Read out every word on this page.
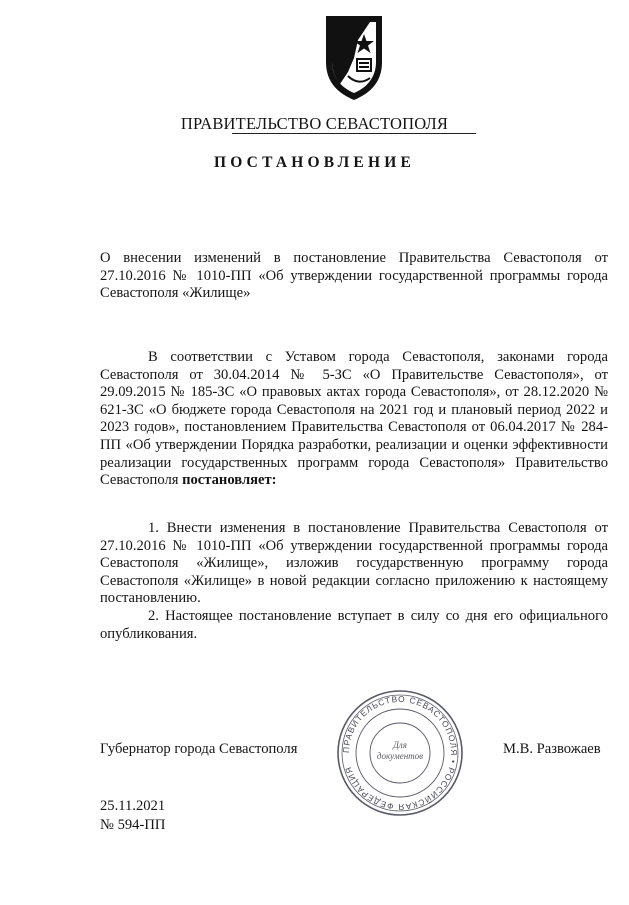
ПРАВИТЕЛЬСТВО СЕВАСТОПОЛЯ
ПОСТАНОВЛЕНИЕ
О внесении изменений в постановление Правительства Севастополя от 27.10.2016 № 1010-ПП «Об утверждении государственной программы города Севастополя «Жилище»
В соответствии с Уставом города Севастополя, законами города Севастополя от 30.04.2014 № 5-ЗС «О Правительстве Севастополя», от 29.09.2015 № 185-ЗС «О правовых актах города Севастополя», от 28.12.2020 № 621-ЗС «О бюджете города Севастополя на 2021 год и плановый период 2022 и 2023 годов», постановлением Правительства Севастополя от 06.04.2017 № 284-ПП «Об утверждении Порядка разработки, реализации и оценки эффективности реализации государственных программ города Севастополя» Правительство Севастополя постановляет:

1. Внести изменения в постановление Правительства Севастополя от 27.10.2016 № 1010-ПП «Об утверждении государственной программы города Севастополя «Жилище», изложив государственную программу города Севастополя «Жилище» в новой редакции согласно приложению к настоящему постановлению.

2. Настоящее постановление вступает в силу со дня его официального опубликования.

Губернатор города Севастополя	ПРАВИТЕЛЬСТВО СЕВАСТОПОЛЯ • РОССИЙСКАЯ ФЕДЕРАЦИЯ
Для
документов	М.В. Развожаев
25.11.2021
№ 594-ПП
